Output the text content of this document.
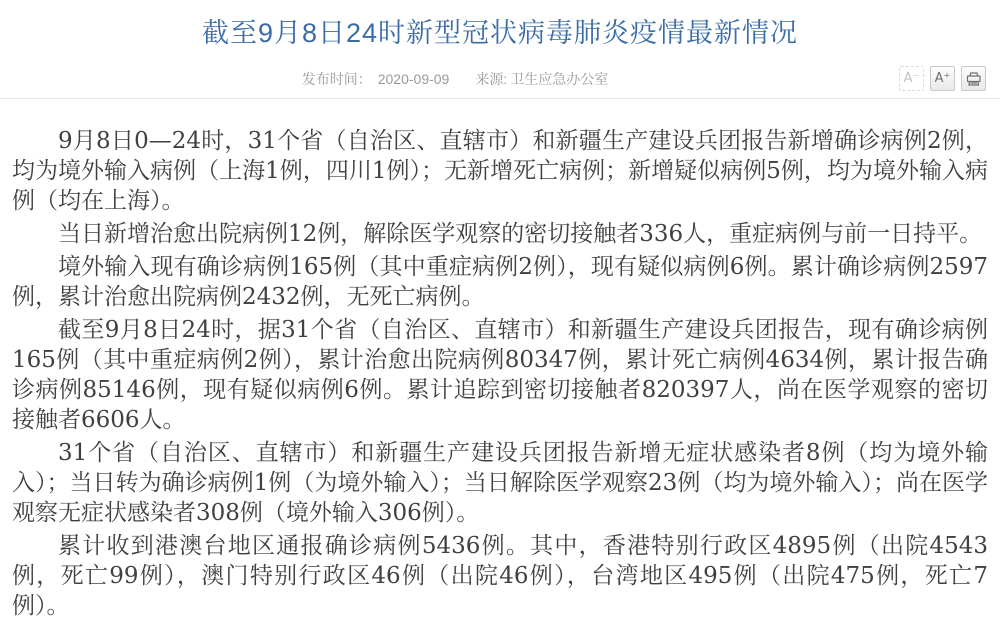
截至9月8日24时新型冠状病毒肺炎疫情最新情况
发布时间： 2020-09-09 来源: 卫生应急办公室	A⁻	A⁺

9月8日0—24时，31个省（自治区、直辖市）和新疆生产建设兵团报告新增确诊病例2例，均为境外输入病例（上海1例，四川1例）；无新增死亡病例；新增疑似病例5例，均为境外输入病例（均在上海）。

当日新增治愈出院病例12例，解除医学观察的密切接触者336人，重症病例与前一日持平。

境外输入现有确诊病例165例（其中重症病例2例），现有疑似病例6例。累计确诊病例2597例，累计治愈出院病例2432例，无死亡病例。

截至9月8日24时，据31个省（自治区、直辖市）和新疆生产建设兵团报告，现有确诊病例165例（其中重症病例2例），累计治愈出院病例80347例，累计死亡病例4634例，累计报告确诊病例85146例，现有疑似病例6例。累计追踪到密切接触者820397人，尚在医学观察的密切接触者6606人。

31个省（自治区、直辖市）和新疆生产建设兵团报告新增无症状感染者8例（均为境外输入）；当日转为确诊病例1例（为境外输入）；当日解除医学观察23例（均为境外输入）；尚在医学观察无症状感染者308例（境外输入306例）。

累计收到港澳台地区通报确诊病例5436例。其中，香港特别行政区4895例（出院4543例，死亡99例），澳门特别行政区46例（出院46例），台湾地区495例（出院475例，死亡7例）。
